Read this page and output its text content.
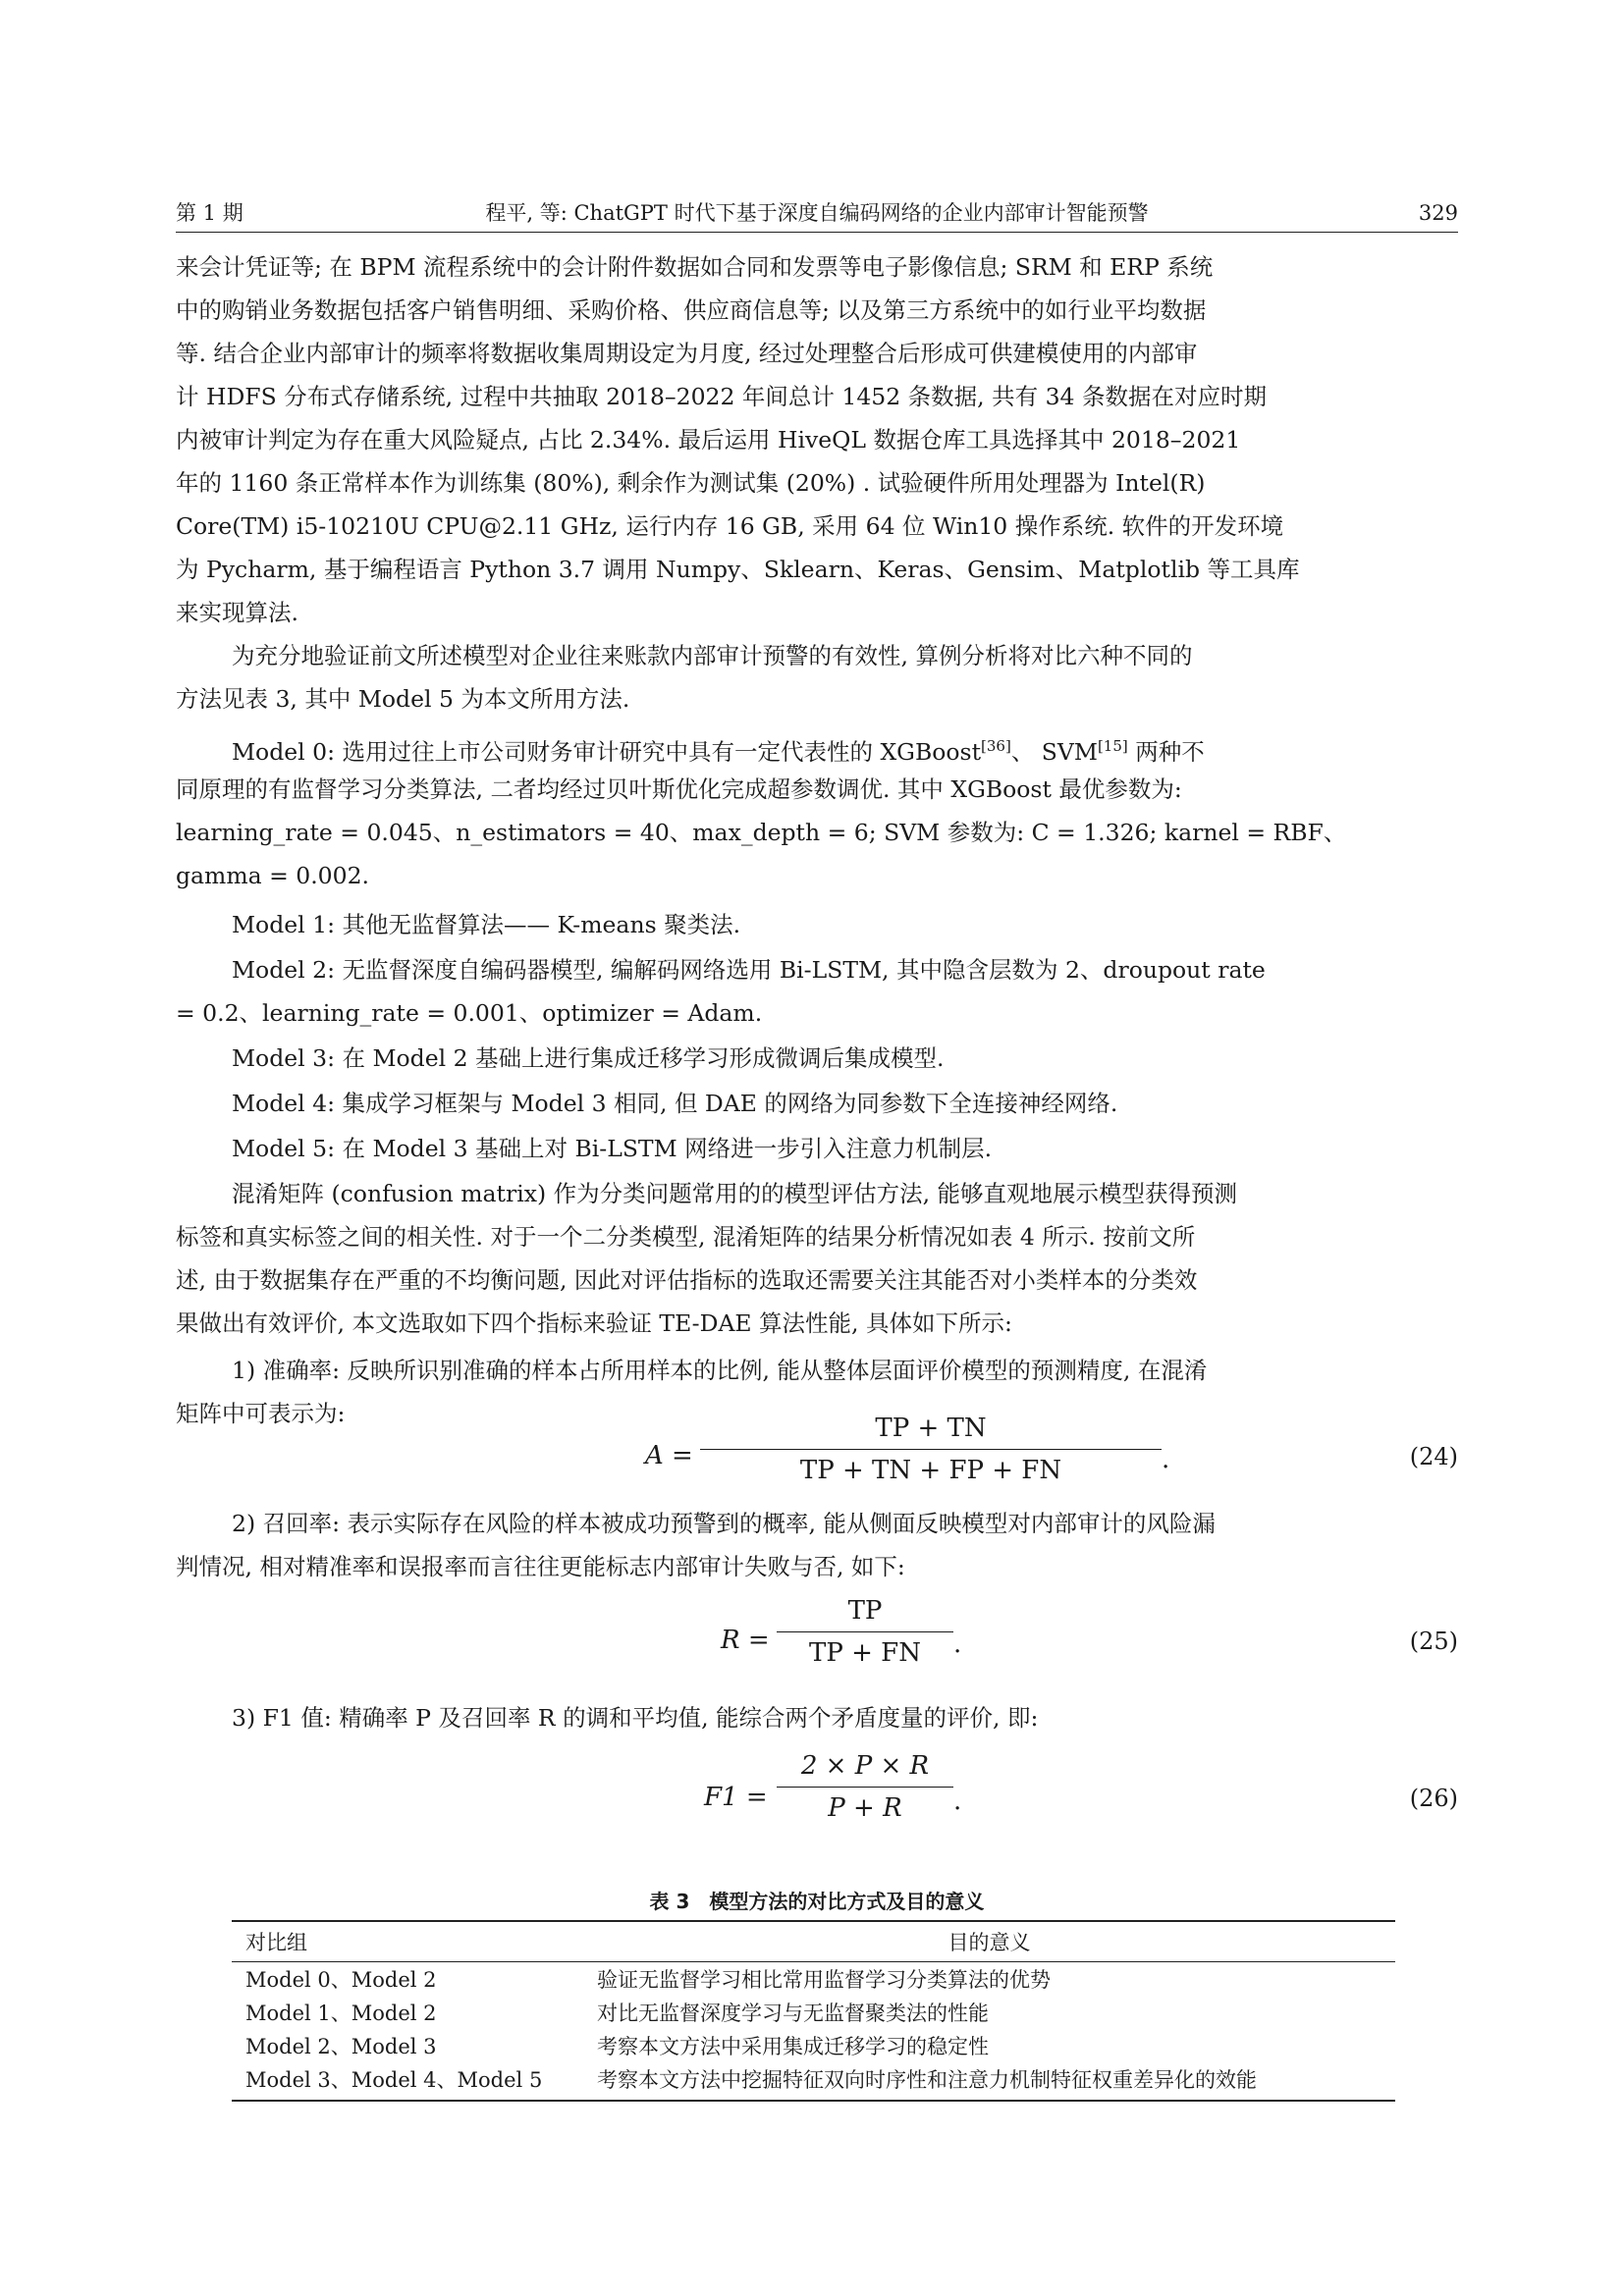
第 1 期	程平, 等: ChatGPT 时代下基于深度自编码网络的企业内部审计智能预警	329
来会计凭证等; 在 BPM 流程系统中的会计附件数据如合同和发票等电子影像信息; SRM 和 ERP 系统
中的购销业务数据包括客户销售明细、采购价格、供应商信息等; 以及第三方系统中的如行业平均数据
等. 结合企业内部审计的频率将数据收集周期设定为月度, 经过处理整合后形成可供建模使用的内部审
计 HDFS 分布式存储系统, 过程中共抽取 2018–2022 年间总计 1452 条数据, 共有 34 条数据在对应时期
内被审计判定为存在重大风险疑点, 占比 2.34%. 最后运用 HiveQL 数据仓库工具选择其中 2018–2021
年的 1160 条正常样本作为训练集 (80%), 剩余作为测试集 (20%) . 试验硬件所用处理器为 Intel(R)
Core(TM) i5-10210U CPU@2.11 GHz, 运行内存 16 GB, 采用 64 位 Win10 操作系统. 软件的开发环境
为 Pycharm, 基于编程语言 Python 3.7 调用 Numpy、Sklearn、Keras、Gensim、Matplotlib 等工具库
来实现算法.
为充分地验证前文所述模型对企业往来账款内部审计预警的有效性, 算例分析将对比六种不同的
方法见表 3, 其中 Model 5 为本文所用方法.
Model 0: 选用过往上市公司财务审计研究中具有一定代表性的 XGBoost[36]、 SVM[15] 两种不
同原理的有监督学习分类算法, 二者均经过贝叶斯优化完成超参数调优. 其中 XGBoost 最优参数为:
learning_rate = 0.045、n_estimators = 40、max_depth = 6; SVM 参数为: C = 1.326; karnel = RBF、
gamma = 0.002.
Model 1: 其他无监督算法—— K-means 聚类法.
Model 2: 无监督深度自编码器模型, 编解码网络选用 Bi-LSTM, 其中隐含层数为 2、droupout rate
= 0.2、learning_rate = 0.001、optimizer = Adam.
Model 3: 在 Model 2 基础上进行集成迁移学习形成微调后集成模型.
Model 4: 集成学习框架与 Model 3 相同, 但 DAE 的网络为同参数下全连接神经网络.
Model 5: 在 Model 3 基础上对 Bi-LSTM 网络进一步引入注意力机制层.
混淆矩阵 (confusion matrix) 作为分类问题常用的的模型评估方法, 能够直观地展示模型获得预测
标签和真实标签之间的相关性. 对于一个二分类模型, 混淆矩阵的结果分析情况如表 4 所示. 按前文所
述, 由于数据集存在严重的不均衡问题, 因此对评估指标的选取还需要关注其能否对小类样本的分类效
果做出有效评价, 本文选取如下四个指标来验证 TE-DAE 算法性能, 具体如下所示:
1) 准确率: 反映所识别准确的样本占所用样本的比例, 能从整体层面评价模型的预测精度, 在混淆
矩阵中可表示为:
$A = \frac{TP + TN}{TP + TN + FP + FN}$ .	(24)
2) 召回率: 表示实际存在风险的样本被成功预警到的概率, 能从侧面反映模型对内部审计的风险漏
判情况, 相对精准率和误报率而言往往更能标志内部审计失败与否, 如下:
$R = \frac{TP}{TP + FN}$ .	(25)
3) F1 值: 精确率 P 及召回率 R 的调和平均值, 能综合两个矛盾度量的评价, 即:
$F1 = \frac{2 \times P \times R}{P + R}$ .	(26)
表 3　模型方法的对比方式及目的意义
对比组	目的意义
Model 0、Model 2	验证无监督学习相比常用监督学习分类算法的优势
Model 1、Model 2	对比无监督深度学习与无监督聚类法的性能
Model 2、Model 3	考察本文方法中采用集成迁移学习的稳定性
Model 3、Model 4、Model 5	考察本文方法中挖掘特征双向时序性和注意力机制特征权重差异化的效能
